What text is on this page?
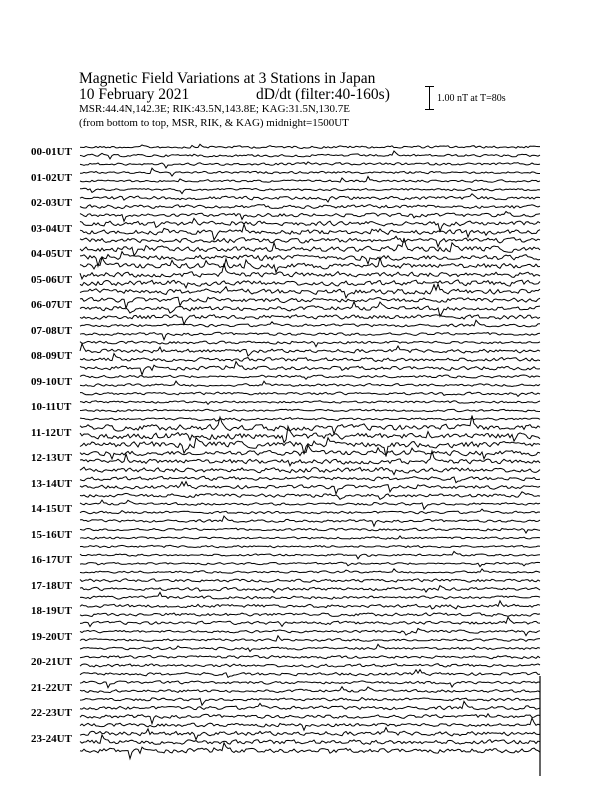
Magnetic Field Variations at 3 Stations in Japan
10 February 2021	dD/dt (filter:40-160s)
MSR:44.4N,142.3E; RIK:43.5N,143.8E; KAG:31.5N,130.7E
(from bottom to top, MSR, RIK, & KAG) midnight=1500UT
1.00 nT at T=80s
00-01UT
01-02UT
02-03UT
03-04UT
04-05UT
05-06UT
06-07UT
07-08UT
08-09UT
09-10UT
10-11UT
11-12UT
12-13UT
13-14UT
14-15UT
15-16UT
16-17UT
17-18UT
18-19UT
19-20UT
20-21UT
21-22UT
22-23UT
23-24UT
